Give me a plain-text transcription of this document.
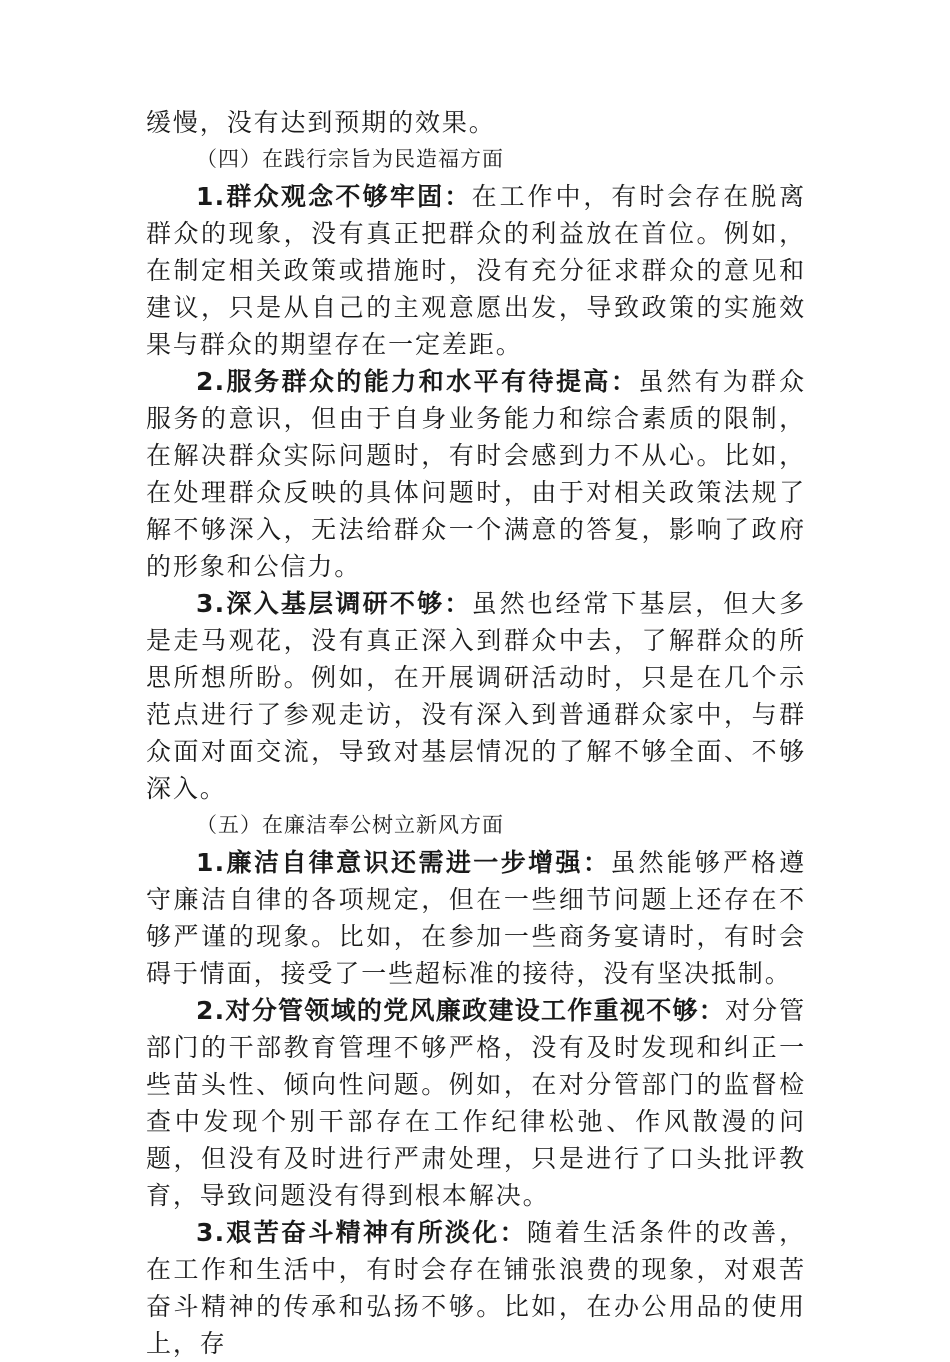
缓慢，没有达到预期的效果。

（四）在践行宗旨为民造福方面

1.群众观念不够牢固：在工作中，有时会存在脱离群众的现象，没有真正把群众的利益放在首位。例如，在制定相关政策或措施时，没有充分征求群众的意见和建议，只是从自己的主观意愿出发，导致政策的实施效果与群众的期望存在一定差距。

2.服务群众的能力和水平有待提高：虽然有为群众服务的意识，但由于自身业务能力和综合素质的限制，在解决群众实际问题时，有时会感到力不从心。比如，在处理群众反映的具体问题时，由于对相关政策法规了解不够深入，无法给群众一个满意的答复，影响了政府的形象和公信力。

3.深入基层调研不够：虽然也经常下基层，但大多是走马观花，没有真正深入到群众中去，了解群众的所思所想所盼。例如，在开展调研活动时，只是在几个示范点进行了参观走访，没有深入到普通群众家中，与群众面对面交流，导致对基层情况的了解不够全面、不够深入。

（五）在廉洁奉公树立新风方面

1.廉洁自律意识还需进一步增强：虽然能够严格遵守廉洁自律的各项规定，但在一些细节问题上还存在不够严谨的现象。比如，在参加一些商务宴请时，有时会碍于情面，接受了一些超标准的接待，没有坚决抵制。

2.对分管领域的党风廉政建设工作重视不够：对分管部门的干部教育管理不够严格，没有及时发现和纠正一些苗头性、倾向性问题。例如，在对分管部门的监督检查中发现个别干部存在工作纪律松弛、作风散漫的问题，但没有及时进行严肃处理，只是进行了口头批评教育，导致问题没有得到根本解决。

3.艰苦奋斗精神有所淡化：随着生活条件的改善，在工作和生活中，有时会存在铺张浪费的现象，对艰苦奋斗精神的传承和弘扬不够。比如，在办公用品的使用上，存
